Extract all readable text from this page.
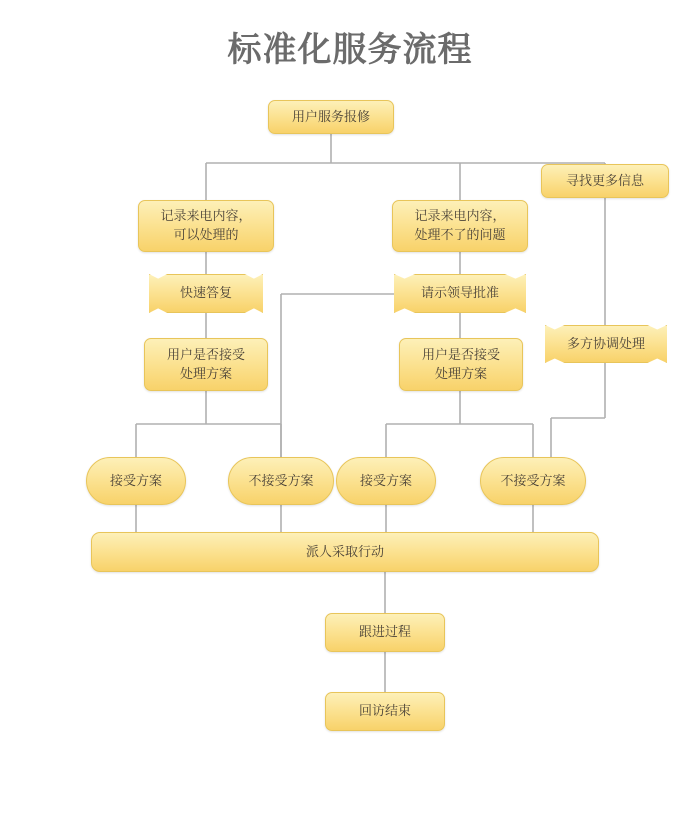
标准化服务流程
用户服务报修
寻找更多信息
记录来电内容，
可以处理的
记录来电内容，
处理不了的问题
快速答复	请示领导批准
多方协调处理
用户是否接受
处理方案
用户是否接受
处理方案
接受方案	不接受方案	接受方案	不接受方案
派人采取行动
跟进过程
回访结束
